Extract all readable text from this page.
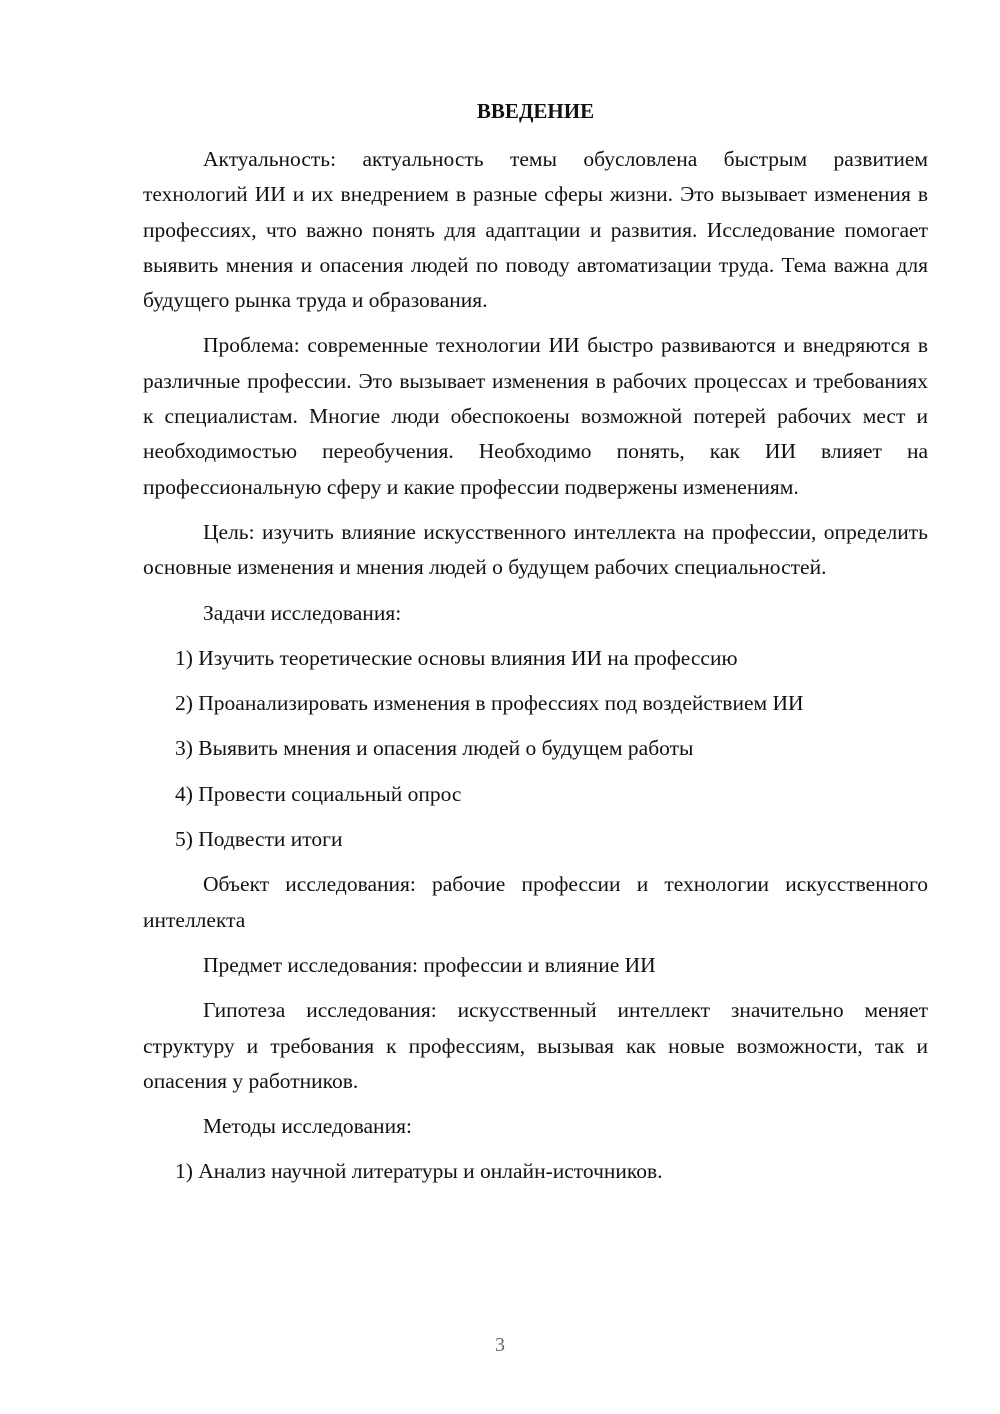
ВВЕДЕНИЕ

Актуальность: актуальность темы обусловлена быстрым развитием технологий ИИ и их внедрением в разные сферы жизни. Это вызывает изменения в профессиях, что важно понять для адаптации и развития. Исследование помогает выявить мнения и опасения людей по поводу автоматизации труда. Тема важна для будущего рынка труда и образования.

Проблема: современные технологии ИИ быстро развиваются и внедряются в различные профессии. Это вызывает изменения в рабочих процессах и требованиях к специалистам. Многие люди обеспокоены возможной потерей рабочих мест и необходимостью переобучения. Необходимо понять, как ИИ влияет на профессиональную сферу и какие профессии подвержены изменениям.

Цель: изучить влияние искусственного интеллекта на профессии, определить основные изменения и мнения людей о будущем рабочих специальностей.

Задачи исследования:

1) Изучить теоретические основы влияния ИИ на профессию
2) Проанализировать изменения в профессиях под воздействием ИИ
3) Выявить мнения и опасения людей о будущем работы
4) Провести социальный опрос
5) Подвести итоги

Объект исследования: рабочие профессии и технологии искусственного интеллекта

Предмет исследования: профессии и влияние ИИ

Гипотеза исследования: искусственный интеллект значительно меняет структуру и требования к профессиям, вызывая как новые возможности, так и опасения у работников.

Методы исследования:

1) Анализ научной литературы и онлайн-источников.
3
